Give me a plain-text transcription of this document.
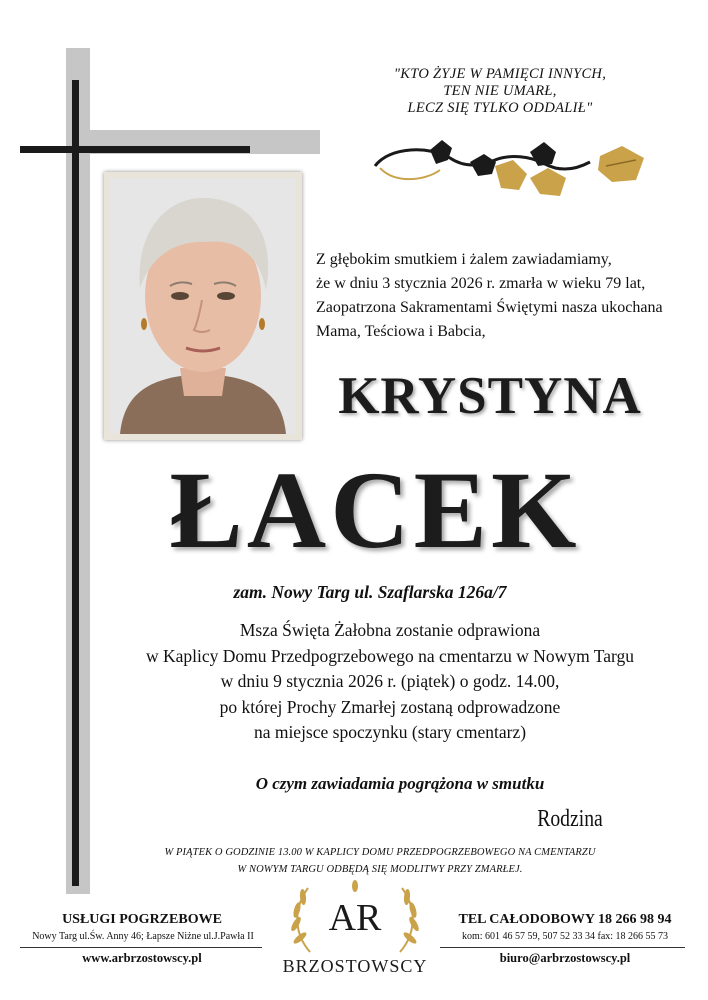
"KTO ŻYJE W PAMIĘCI INNYCH,
TEN NIE UMARŁ,
LECZ SIĘ TYLKO ODDALIŁ"
Z głębokim smutkiem i żalem zawiadamiamy,
że w dniu 3 stycznia 2026 r. zmarła w wieku 79 lat,
Zaopatrzona Sakramentami Świętymi nasza ukochana
Mama, Teściowa i Babcia,
KRYSTYNA
ŁACEK
zam. Nowy Targ ul. Szaflarska 126a/7
Msza Święta Żałobna zostanie odprawiona
w Kaplicy Domu Przedpogrzebowego na cmentarzu w Nowym Targu
w dniu 9 stycznia 2026 r. (piątek) o godz. 14.00,
po której Prochy Zmarłej zostaną odprowadzone
na miejsce spoczynku (stary cmentarz)
O czym zawiadamia pogrążona w smutku
Rodzina
W PIĄTEK O GODZINIE 13.00 W KAPLICY DOMU PRZEDPOGRZEBOWEGO NA CMENTARZU
W NOWYM TARGU ODBĘDĄ SIĘ MODLITWY PRZY ZMARŁEJ.
USŁUGI POGRZEBOWE
Nowy Targ ul.Św. Anny 46; Łapsze Niżne ul.J.Pawła II
www.arbrzostowscy.pl
AR
BRZOSTOWSCY
TEL CAŁODOBOWY 18 266 98 94
kom: 601 46 57 59, 507 52 33 34 fax: 18 266 55 73
biuro@arbrzostowscy.pl
